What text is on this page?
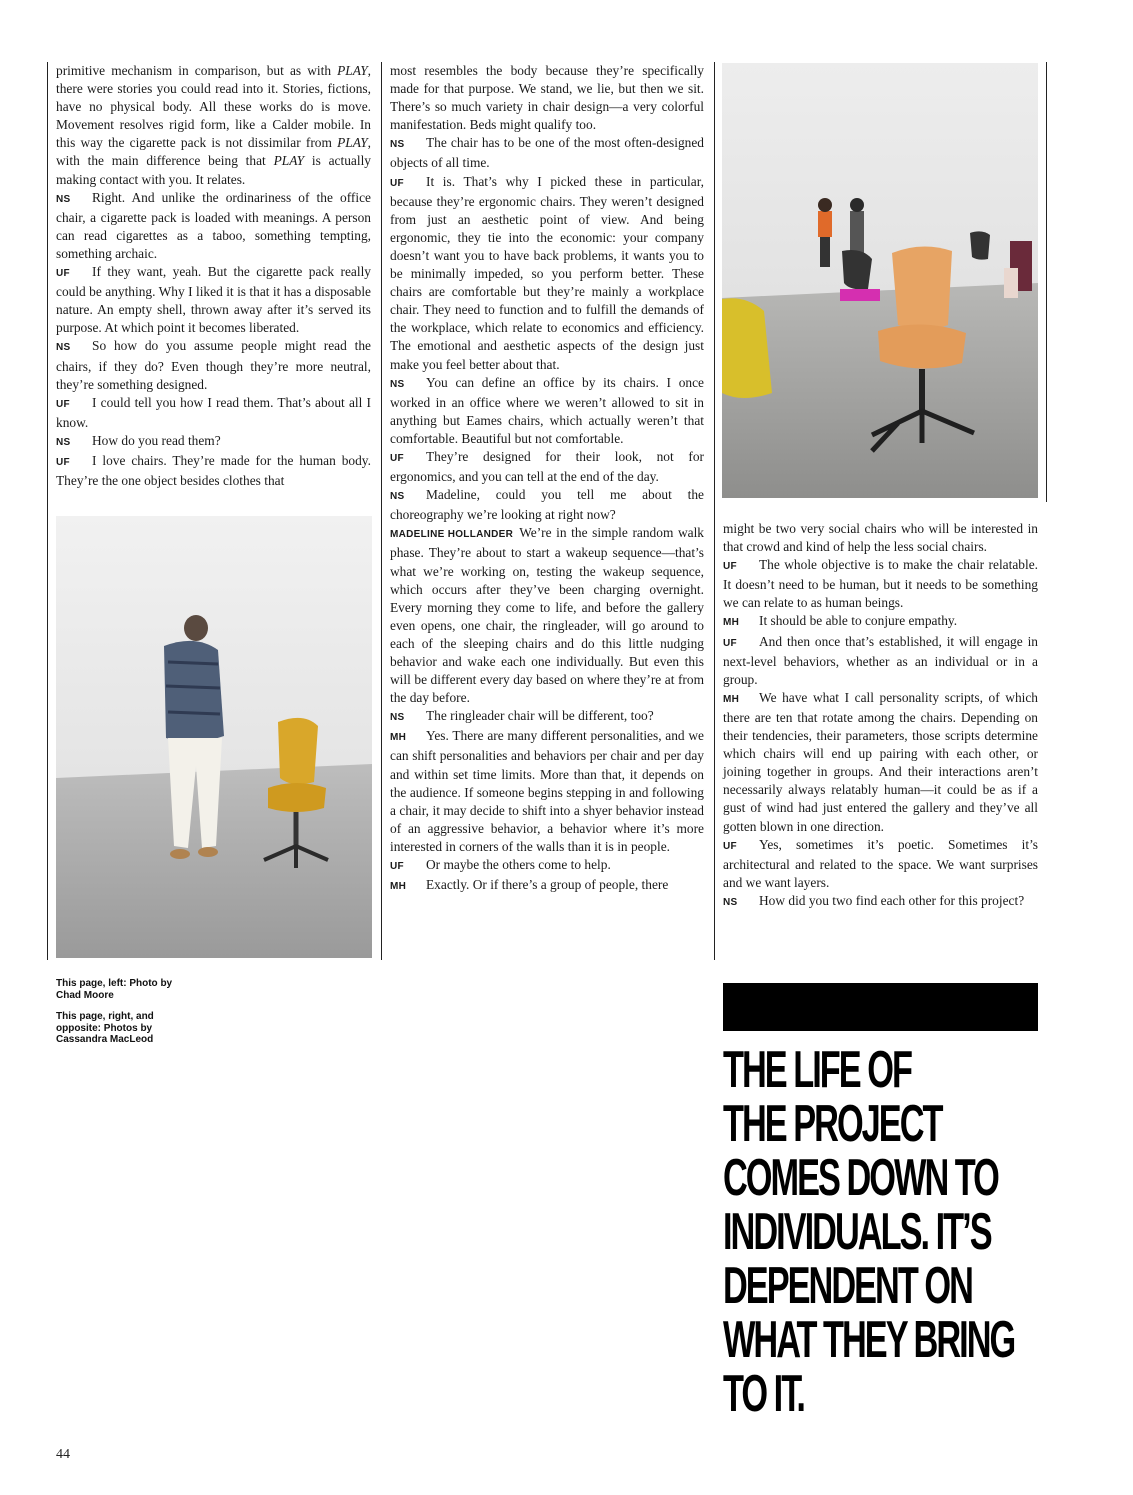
primitive mechanism in comparison, but as with PLAY, there were stories you could read into it. Stories, fictions, have no physical body. All these works do is move. Movement resolves rigid form, like a Calder mobile. In this way the cigarette pack is not dissimilar from PLAY, with the main difference being that PLAY is actually making contact with you. It relates.

NS Right. And unlike the ordinariness of the office chair, a cigarette pack is loaded with meanings. A person can read cigarettes as a taboo, something tempting, something archaic.

UF If they want, yeah. But the cigarette pack really could be anything. Why I liked it is that it has a disposable nature. An empty shell, thrown away after it’s served its purpose. At which point it becomes liberated.

NS So how do you assume people might read the chairs, if they do? Even though they’re more neutral, they’re something designed.

UF I could tell you how I read them. That’s about all I know.

NS How do you read them?

UF I love chairs. They’re made for the human body. They’re the one object besides clothes that

most resembles the body because they’re specifically made for that purpose. We stand, we lie, but then we sit. There’s so much variety in chair design—a very colorful manifestation. Beds might qualify too.

NS The chair has to be one of the most often-designed objects of all time.

UF It is. That’s why I picked these in particular, because they’re ergonomic chairs. They weren’t designed from just an aesthetic point of view. And being ergonomic, they tie into the economic: your company doesn’t want you to have back problems, it wants you to be minimally impeded, so you perform better. These chairs are comfortable but they’re mainly a workplace chair. They need to function and to fulfill the demands of the workplace, which relate to economics and efficiency. The emotional and aesthetic aspects of the design just make you feel better about that.

NS You can define an office by its chairs. I once worked in an office where we weren’t allowed to sit in anything but Eames chairs, which actually weren’t that comfortable. Beautiful but not comfortable.

UF They’re designed for their look, not for ergonomics, and you can tell at the end of the day.

NS Madeline, could you tell me about the choreography we’re looking at right now?

MADELINE HOLLANDER We’re in the simple random walk phase. They’re about to start a wakeup sequence—that’s what we’re working on, testing the wakeup sequence, which occurs after they’ve been charging overnight. Every morning they come to life, and before the gallery even opens, one chair, the ringleader, will go around to each of the sleeping chairs and do this little nudging behavior and wake each one individually. But even this will be different every day based on where they’re at from the day before.

NS The ringleader chair will be different, too?

MH Yes. There are many different personalities, and we can shift personalities and behaviors per chair and per day and within set time limits. More than that, it depends on the audience. If someone begins stepping in and following a chair, it may decide to shift into a shyer behavior instead of an aggressive behavior, a behavior where it’s more interested in corners of the walls than it is in people.

UF Or maybe the others come to help.

MH Exactly. Or if there’s a group of people, there

might be two very social chairs who will be interested in that crowd and kind of help the less social chairs.

UF The whole objective is to make the chair relatable. It doesn’t need to be human, but it needs to be something we can relate to as human beings.

MH It should be able to conjure empathy.

UF And then once that’s established, it will engage in next-level behaviors, whether as an individual or in a group.

MH We have what I call personality scripts, of which there are ten that rotate among the chairs. Depending on their tendencies, their parameters, those scripts determine which chairs will end up pairing with each other, or joining together in groups. And their interactions aren’t necessarily always relatably human—it could be as if a gust of wind had just entered the gallery and they’ve all gotten blown in one direction.

UF Yes, sometimes it’s poetic. Sometimes it’s architectural and related to the space. We want surprises and we want layers.

NS How did you two find each other for this project?

This page, left: Photo by Chad Moore

This page, right, and opposite: Photos by Cassandra MacLeod

THE LIFE OF
THE PROJECT
COMES DOWN TO
INDIVIDUALS. IT’S
DEPENDENT ON
WHAT THEY BRING
TO IT.
44
